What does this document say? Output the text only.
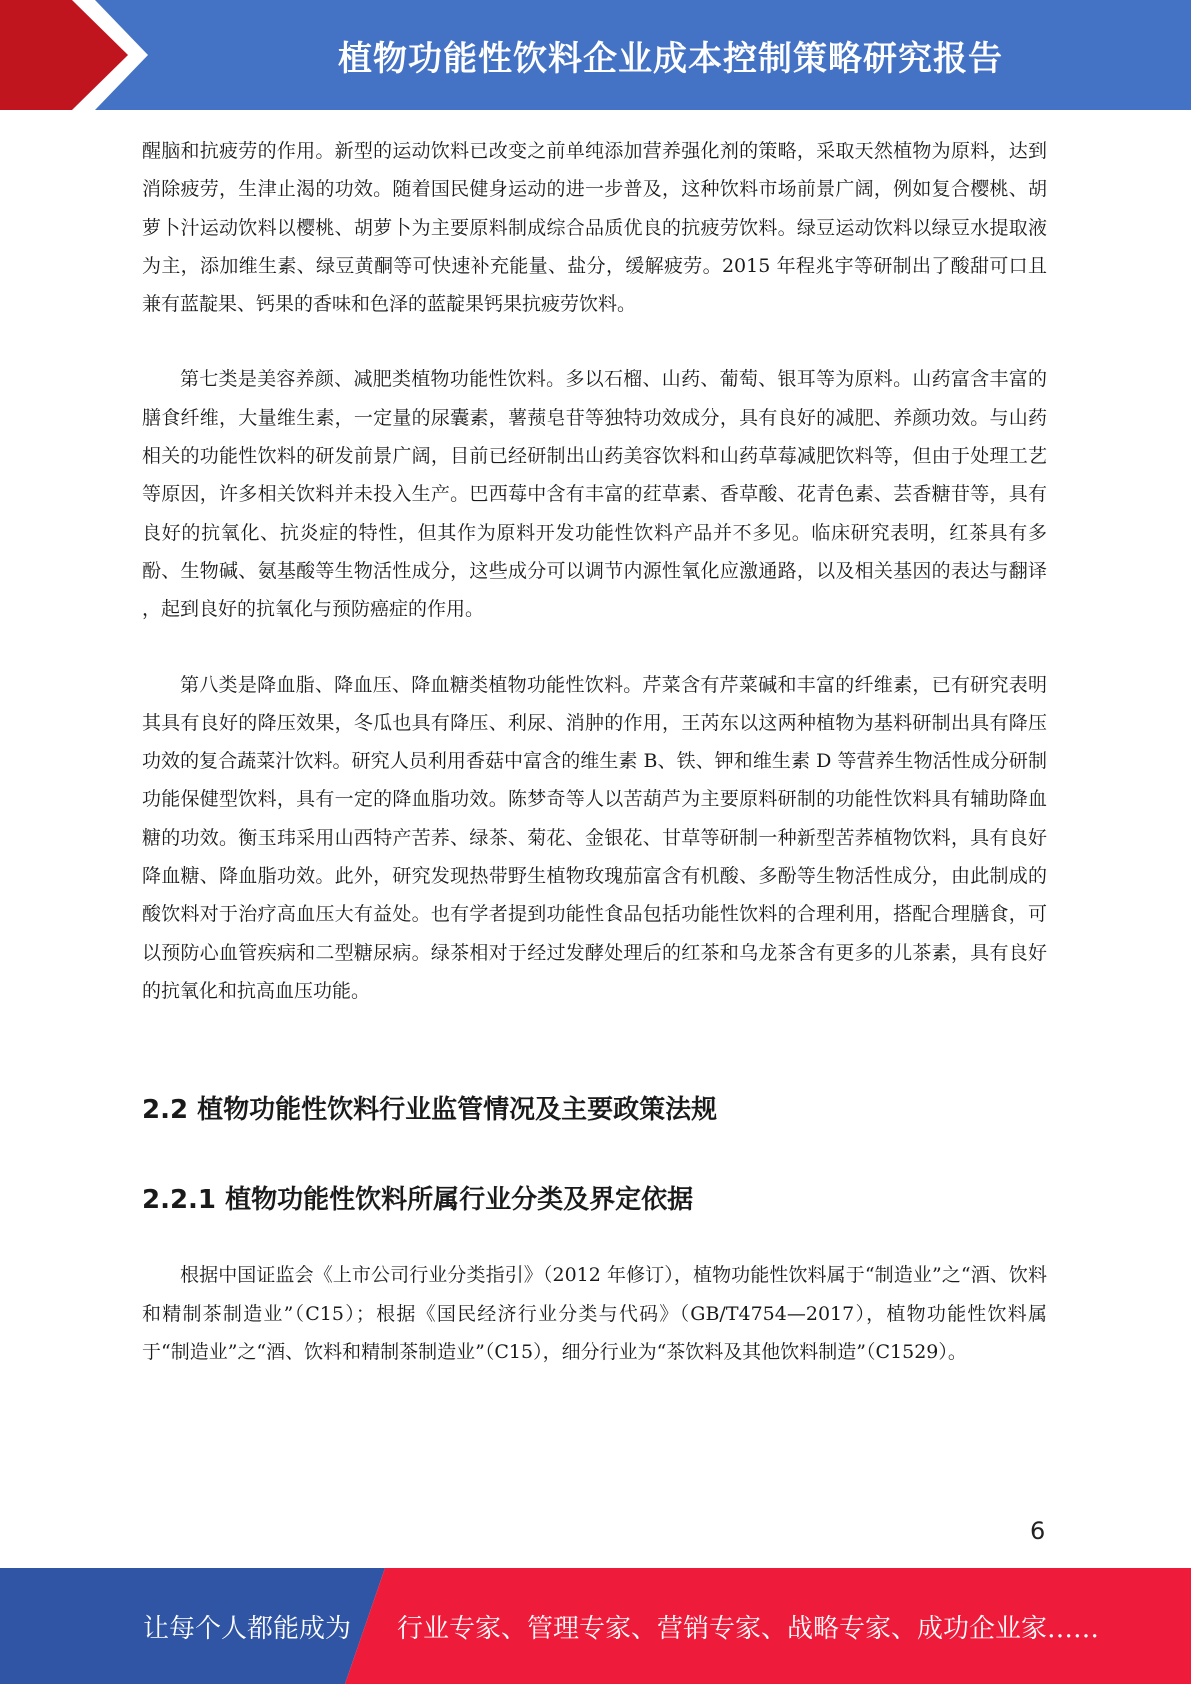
植物功能性饮料企业成本控制策略研究报告

醒脑和抗疲劳的作用。新型的运动饮料已改变之前单纯添加营养强化剂的策略，采取天然植物为原料，达到消除疲劳，生津止渴的功效。随着国民健身运动的进一步普及，这种饮料市场前景广阔，例如复合樱桃、胡萝卜汁运动饮料以樱桃、胡萝卜为主要原料制成综合品质优良的抗疲劳饮料。绿豆运动饮料以绿豆水提取液为主，添加维生素、绿豆黄酮等可快速补充能量、盐分，缓解疲劳。2015 年程兆宇等研制出了酸甜可口且兼有蓝靛果、钙果的香味和色泽的蓝靛果钙果抗疲劳饮料。

第七类是美容养颜、减肥类植物功能性饮料。多以石榴、山药、葡萄、银耳等为原料。山药富含丰富的膳食纤维，大量维生素，一定量的尿囊素，薯蓣皂苷等独特功效成分，具有良好的减肥、养颜功效。与山药相关的功能性饮料的研发前景广阔，目前已经研制出山药美容饮料和山药草莓减肥饮料等，但由于处理工艺等原因，许多相关饮料并未投入生产。巴西莓中含有丰富的荭草素、香草酸、花青色素、芸香糖苷等，具有良好的抗氧化、抗炎症的特性，但其作为原料开发功能性饮料产品并不多见。临床研究表明，红茶具有多酚、生物碱、氨基酸等生物活性成分，这些成分可以调节内源性氧化应激通路，以及相关基因的表达与翻译 ，起到良好的抗氧化与预防癌症的作用。

第八类是降血脂、降血压、降血糖类植物功能性饮料。芹菜含有芹菜碱和丰富的纤维素，已有研究表明其具有良好的降压效果，冬瓜也具有降压、利尿、消肿的作用，王芮东以这两种植物为基料研制出具有降压功效的复合蔬菜汁饮料。研究人员利用香菇中富含的维生素 B、铁、钾和维生素 D 等营养生物活性成分研制功能保健型饮料，具有一定的降血脂功效。陈梦奇等人以苦葫芦为主要原料研制的功能性饮料具有辅助降血糖的功效。衡玉玮采用山西特产苦荞、绿茶、菊花、金银花、甘草等研制一种新型苦荞植物饮料，具有良好降血糖、降血脂功效。此外，研究发现热带野生植物玫瑰茄富含有机酸、多酚等生物活性成分，由此制成的酸饮料对于治疗高血压大有益处。也有学者提到功能性食品包括功能性饮料的合理利用，搭配合理膳食，可以预防心血管疾病和二型糖尿病。绿茶相对于经过发酵处理后的红茶和乌龙茶含有更多的儿茶素，具有良好的抗氧化和抗高血压功能。

2.2 植物功能性饮料行业监管情况及主要政策法规
2.2.1 植物功能性饮料所属行业分类及界定依据

根据中国证监会《上市公司行业分类指引》（2012 年修订），植物功能性饮料属于“制造业”之“酒、饮料和精制茶制造业”（C15）；根据《国民经济行业分类与代码》（GB/T4754—2017），植物功能性饮料属于“制造业”之“酒、饮料和精制茶制造业”（C15），细分行业为“茶饮料及其他饮料制造”（C1529）。

6
让每个人都能成为 行业专家、管理专家、营销专家、战略专家、成功企业家……
